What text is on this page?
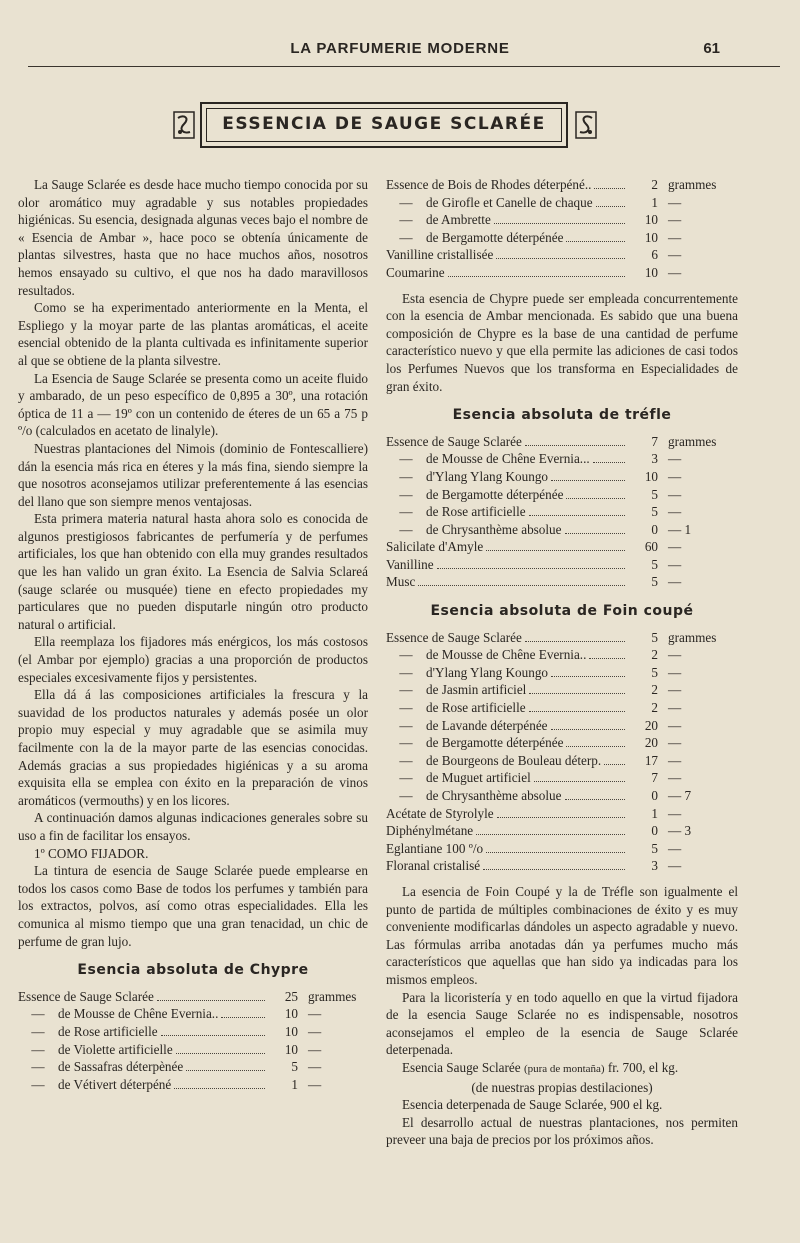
LA PARFUMERIE MODERNE	61
ESSENCIA DE SAUGE SCLARÉE

La Sauge Sclarée es desde hace mucho tiempo conocida por su olor aromático muy agradable y sus notables propiedades higiénicas. Su esencia, designada algunas veces bajo el nombre de « Esencia de Ambar », hace poco se obtenía únicamente de plantas silvestres, hasta que no hace muchos años, nosotros hemos ensayado su cultivo, el que nos ha dado maravillosos resultados.

Como se ha experimentado anteriormente en la Menta, el Espliego y la moyar parte de las plantas aromáticas, el aceite esencial obtenido de la planta cultivada es infinitamente superior al que se obtiene de la planta silvestre.

La Esencia de Sauge Sclarée se presenta como un aceite fluido y ambarado, de un peso específico de 0,895 a 30º, una rotación óptica de 11 a — 19º con un contenido de éteres de un 65 a 75 p º/o (calculados en acetato de linalyle).

Nuestras plantaciones del Nimois (dominio de Fontescalliere) dán la esencia más rica en éteres y la más fina, siendo siempre la que nosotros aconsejamos utilizar preferentemente á las esencias del llano que son siempre menos ventajosas.

Esta primera materia natural hasta ahora solo es conocida de algunos prestigiosos fabricantes de perfumería y de perfumes artificiales, los que han obtenido con ella muy grandes resultados que les han valido un gran éxito. La Esencia de Salvia Sclareá (sauge sclarée ou musquée) tiene en efecto propiedades my particulares que no pueden disputarle ningún otro producto natural o artificial.

Ella reemplaza los fijadores más enérgicos, los más costosos (el Ambar por ejemplo) gracias a una proporción de productos especiales excesivamente fijos y persistentes.

Ella dá á las composiciones artificiales la frescura y la suavidad de los productos naturales y además posée un olor propio muy especial y muy agradable que se asimila muy facilmente con la de la mayor parte de las esencias conocidas. Además gracias a sus propiedades higiénicas y a su aroma exquisita ella se emplea con éxito en la preparación de vinos aromáticos (vermouths) y en los licores.

A continuación damos algunas indicaciones generales sobre su uso a fin de facilitar los ensayos.

1º COMO FIJADOR.

La tintura de esencia de Sauge Sclarée puede emplearse en todos los casos como Base de todos los perfumes y también para los extractos, polvos, así como otras especialidades. Ella les comunica al mismo tiempo que una gran tenacidad, un chic de perfume de gran lujo.

Esencia absoluta de Chypre
Essence de Sauge Sclarée	25 grammes
—	de Mousse de Chêne Evernia..	10 —
—	de Rose artificielle	10 —
—	de Violette artificielle	10 —
—	de Sassafras déterpènée	5 —
—	de Vétivert déterpéné	1 —
Essence de Bois de Rhodes déterpéné..	2 grammes
—	de Girofle et Canelle de chaque	1 —
—	de Ambrette	10 —
—	de Bergamotte déterpénée	10 —
Vanilline cristallisée	6 —
Coumarine	10 —

Esta esencia de Chypre puede ser empleada concurrentemente con la esencia de Ambar mencionada. Es sabido que una buena composición de Chypre es la base de una cantidad de perfume característico nuevo y que ella permite las adiciones de casi todos los Perfumes Nuevos que los transforma en Especialidades de gran éxito.

Esencia absoluta de tréfle
Essence de Sauge Sclarée	7 grammes
—	de Mousse de Chêne Evernia...	3 —
—	d'Ylang Ylang Koungo	10 —
—	de Bergamotte déterpénée	5 —
—	de Rose artificielle	5 —
—	de Chrysanthème absolue	0 — 1
Salicilate d'Amyle	60 —
Vanilline	5 —
Musc	5 —
Esencia absoluta de Foin coupé
Essence de Sauge Sclarée	5 grammes
—	de Mousse de Chêne Evernia..	2 —
—	d'Ylang Ylang Koungo	5 —
—	de Jasmin artificiel	2 —
—	de Rose artificielle	2 —
—	de Lavande déterpénée	20 —
—	de Bergamotte déterpénée	20 —
—	de Bourgeons de Bouleau déterp.	17 —
—	de Muguet artificiel	7 —
—	de Chrysanthème absolue	0 — 7
Acétate de Styrolyle	1 —
Diphénylmétane	0 — 3
Eglantiane 100 º/o	5 —
Floranal cristalisé	3 —

La esencia de Foin Coupé y la de Tréfle son igualmente el punto de partida de múltiples combinaciones de éxito y es muy conveniente modificarlas dándoles un aspecto agradable y nuevo. Las fórmulas arriba anotadas dán ya perfumes mucho más característicos que aquellas que han sido ya indicadas para los mismos empleos.

Para la licoristería y en todo aquello en que la virtud fijadora de la esencia Sauge Sclarée no es indispensable, nosotros aconsejamos el empleo de la esencia de Sauge Sclarée deterpenada.

Esencia Sauge Sclarée (pura de montaña) fr. 700, el kg.

(de nuestras propias destilaciones)

Esencia deterpenada de Sauge Sclarée, 900 el kg.

El desarrollo actual de nuestras plantaciones, nos permiten preveer una baja de precios por los próximos años.
